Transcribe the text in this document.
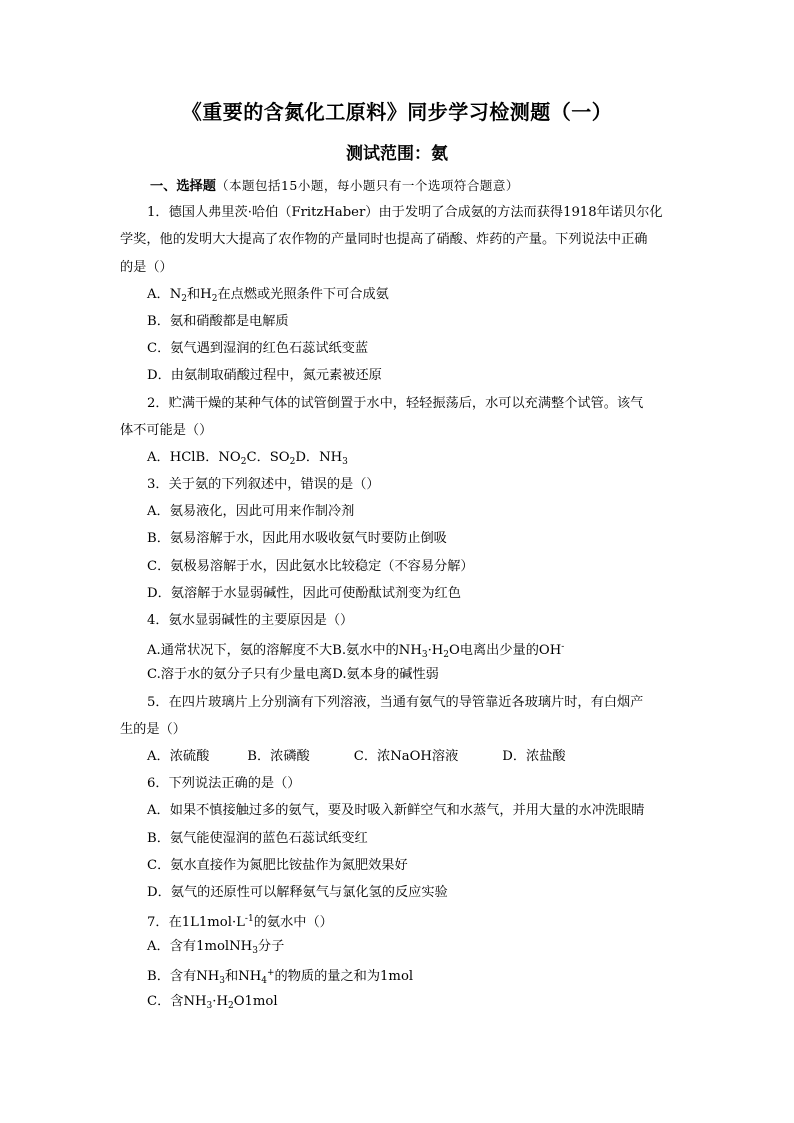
《重要的含氮化工原料》同步学习检测题（一）
测试范围：氨
一、选择题（本题包括15小题，每小题只有一个选项符合题意）
1．德国人弗里茨·哈伯（FritzHaber）由于发明了合成氨的方法而获得1918年诺贝尔化
学奖，他的发明大大提高了农作物的产量同时也提高了硝酸、炸药的产量。下列说法中正确
的是（）
A．$N_2$和$H_2$在点燃或光照条件下可合成氨
B．氨和硝酸都是电解质
C．氨气遇到湿润的红色石蕊试纸变蓝
D．由氨制取硝酸过程中，氮元素被还原
2．贮满干燥的某种气体的试管倒置于水中，轻轻振荡后，水可以充满整个试管。该气
体不可能是（）
A．HClB．$NO_2C$．$SO_2D$．$NH_3$
3．关于氨的下列叙述中，错误的是（）
A．氨易液化，因此可用来作制冷剂
B．氨易溶解于水，因此用水吸收氨气时要防止倒吸
C．氨极易溶解于水，因此氨水比较稳定（不容易分解）
D．氨溶解于水显弱碱性，因此可使酚酞试剂变为红色
4．氨水显弱碱性的主要原因是（）
A.通常状况下，氨的溶解度不大B.氨水中的$NH_3\cdot H_2O$电离出少量的OH-
C.溶于水的氨分子只有少量电离D.氨本身的碱性弱
5．在四片玻璃片上分别滴有下列溶液，当通有氨气的导管靠近各玻璃片时，有白烟产
生的是（）
A．浓硫酸	B．浓磷酸	C．浓NaOH溶液	D．浓盐酸
6．下列说法正确的是（）
A．如果不慎接触过多的氨气，要及时吸入新鲜空气和水蒸气，并用大量的水冲洗眼睛
B．氨气能使湿润的蓝色石蕊试纸变红
C．氨水直接作为氮肥比铵盐作为氮肥效果好
D．氨气的还原性可以解释氨气与氯化氢的反应实验
7．在$1L1mol\cdot L^{-1}$的氨水中（）
A．含有1molNH$_3$分子
B．含有$NH_3$和$NH_4^+$的物质的量之和为1mol
C．含$NH_3\cdot H_2O1mol$
